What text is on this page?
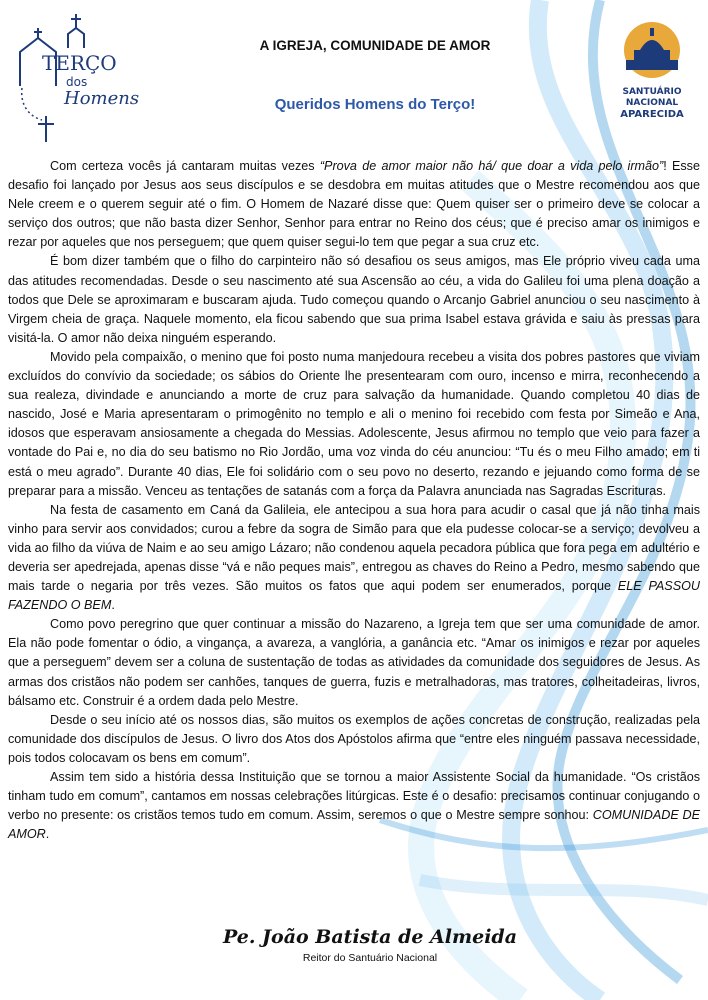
TERÇO
dos
Homens	SANTUÁRIO
NACIONAL
APARECIDA
A IGREJA, COMUNIDADE DE AMOR
Queridos Homens do Terço!

Com certeza vocês já cantaram muitas vezes “Prova de amor maior não há/ que doar a vida pelo irmão”! Esse desafio foi lançado por Jesus aos seus discípulos e se desdobra em muitas atitudes que o Mestre recomendou aos que Nele creem e o querem seguir até o fim. O Homem de Nazaré disse que: Quem quiser ser o primeiro deve se colocar a serviço dos outros; que não basta dizer Senhor, Senhor para entrar no Reino dos céus; que é preciso amar os inimigos e rezar por aqueles que nos perseguem; que quem quiser segui-lo tem que pegar a sua cruz etc.

É bom dizer também que o filho do carpinteiro não só desafiou os seus amigos, mas Ele próprio viveu cada uma das atitudes recomendadas. Desde o seu nascimento até sua Ascensão ao céu, a vida do Galileu foi uma plena doação a todos que Dele se aproximaram e buscaram ajuda. Tudo começou quando o Arcanjo Gabriel anunciou o seu nascimento à Virgem cheia de graça. Naquele momento, ela ficou sabendo que sua prima Isabel estava grávida e saiu às pressas para visitá-la. O amor não deixa ninguém esperando.

Movido pela compaixão, o menino que foi posto numa manjedoura recebeu a visita dos pobres pastores que viviam excluídos do convívio da sociedade; os sábios do Oriente lhe presentearam com ouro, incenso e mirra, reconhecendo a sua realeza, divindade e anunciando a morte de cruz para salvação da humanidade. Quando completou 40 dias de nascido, José e Maria apresentaram o primogênito no templo e ali o menino foi recebido com festa por Simeão e Ana, idosos que esperavam ansiosamente a chegada do Messias. Adolescente, Jesus afirmou no templo que veio para fazer a vontade do Pai e, no dia do seu batismo no Rio Jordão, uma voz vinda do céu anunciou: “Tu és o meu Filho amado; em ti está o meu agrado”. Durante 40 dias, Ele foi solidário com o seu povo no deserto, rezando e jejuando como forma de se preparar para a missão. Venceu as tentações de satanás com a força da Palavra anunciada nas Sagradas Escrituras.

Na festa de casamento em Caná da Galileia, ele antecipou a sua hora para acudir o casal que já não tinha mais vinho para servir aos convidados; curou a febre da sogra de Simão para que ela pudesse colocar-se a serviço; devolveu a vida ao filho da viúva de Naim e ao seu amigo Lázaro; não condenou aquela pecadora pública que fora pega em adultério e deveria ser apedrejada, apenas disse “vá e não peques mais”, entregou as chaves do Reino a Pedro, mesmo sabendo que mais tarde o negaria por três vezes. São muitos os fatos que aqui podem ser enumerados, porque ELE PASSOU FAZENDO O BEM.

Como povo peregrino que quer continuar a missão do Nazareno, a Igreja tem que ser uma comunidade de amor. Ela não pode fomentar o ódio, a vingança, a avareza, a vanglória, a ganância etc. “Amar os inimigos e rezar por aqueles que a perseguem” devem ser a coluna de sustentação de todas as atividades da comunidade dos seguidores de Jesus. As armas dos cristãos não podem ser canhões, tanques de guerra, fuzis e metralhadoras, mas tratores, colheitadeiras, livros, bálsamo etc. Construir é a ordem dada pelo Mestre.

Desde o seu início até os nossos dias, são muitos os exemplos de ações concretas de construção, realizadas pela comunidade dos discípulos de Jesus. O livro dos Atos dos Apóstolos afirma que “entre eles ninguém passava necessidade, pois todos colocavam os bens em comum”.

Assim tem sido a história dessa Instituição que se tornou a maior Assistente Social da humanidade. “Os cristãos tinham tudo em comum”, cantamos em nossas celebrações litúrgicas. Este é o desafio: precisamos continuar conjugando o verbo no presente: os cristãos temos tudo em comum. Assim, seremos o que o Mestre sempre sonhou: COMUNIDADE DE AMOR.

Pe. João Batista de Almeida
Reitor do Santuário Nacional
